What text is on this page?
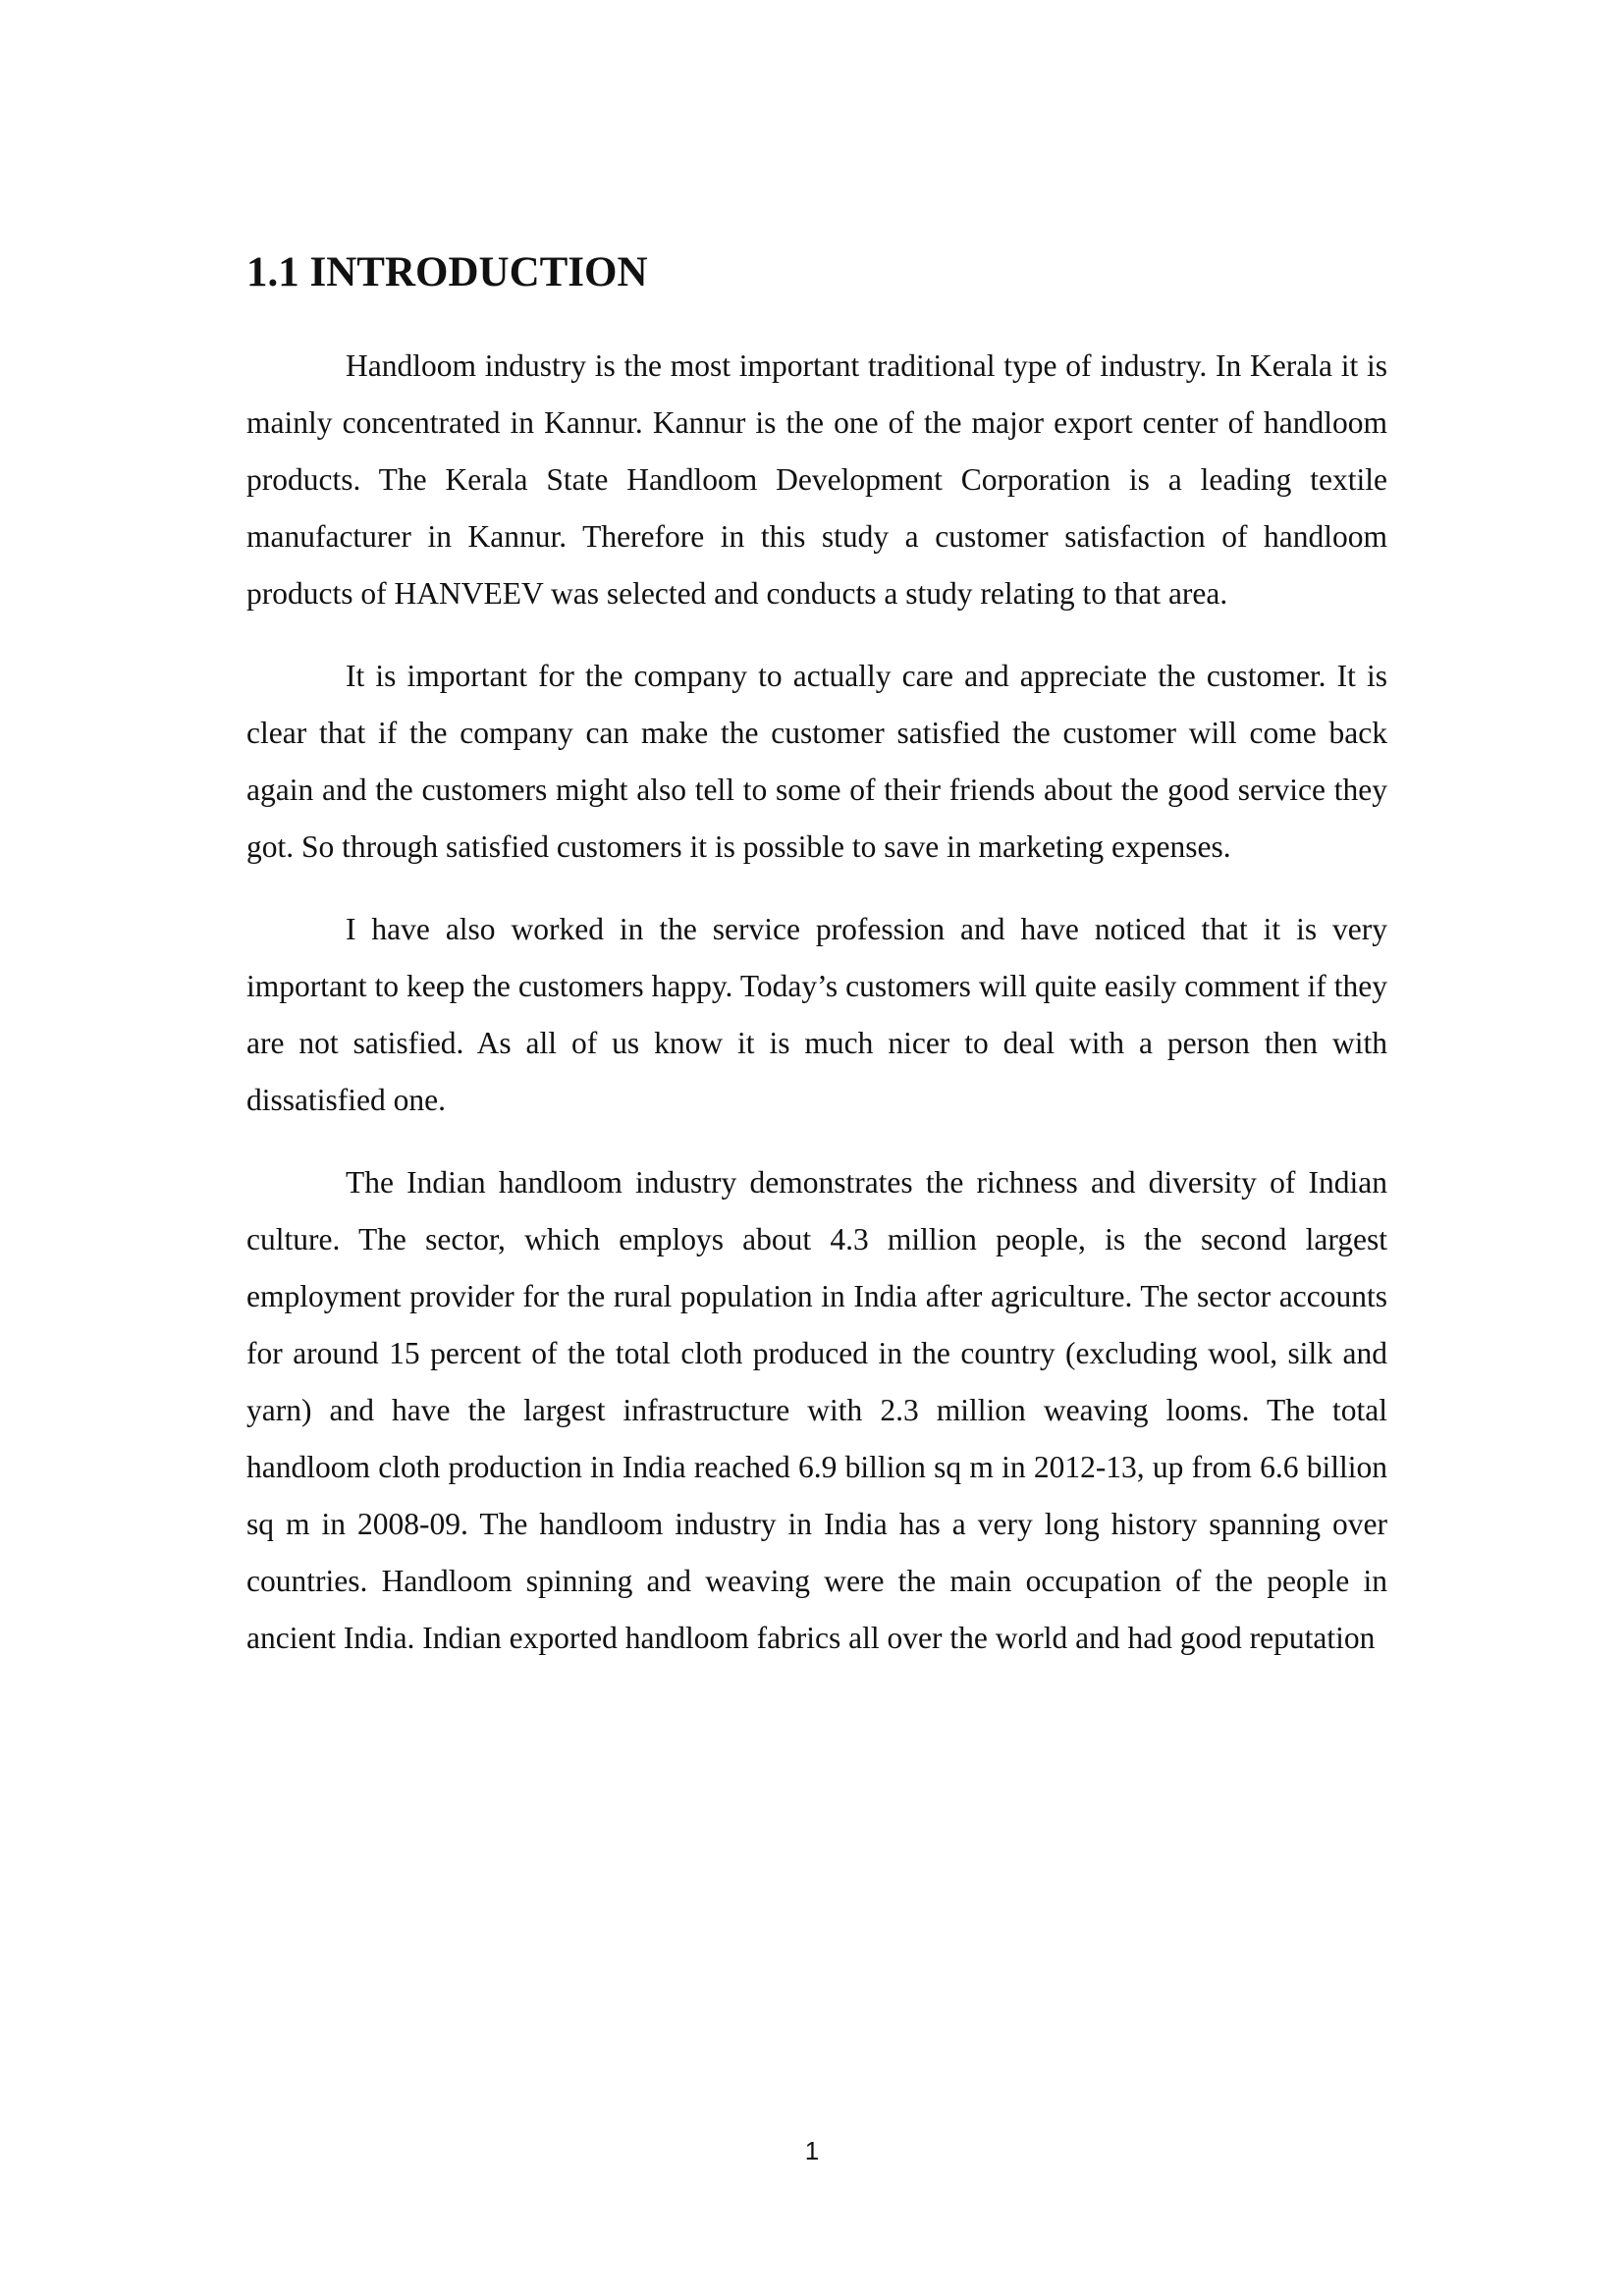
1.1 INTRODUCTION

Handloom industry is the most important traditional type of industry. In Kerala it is mainly concentrated in Kannur. Kannur is the one of the major export center of handloom products. The Kerala State Handloom Development Corporation is a leading textile manufacturer in Kannur. Therefore in this study a customer satisfaction of handloom products of HANVEEV was selected and conducts a study relating to that area.

It is important for the company to actually care and appreciate the customer. It is clear that if the company can make the customer satisfied the customer will come back again and the customers might also tell to some of their friends about the good service they got. So through satisfied customers it is possible to save in marketing expenses.

I have also worked in the service profession and have noticed that it is very important to keep the customers happy. Today’s customers will quite easily comment if they are not satisfied. As all of us know it is much nicer to deal with a person then with dissatisfied one.

The Indian handloom industry demonstrates the richness and diversity of Indian culture. The sector, which employs about 4.3 million people, is the second largest employment provider for the rural population in India after agriculture. The sector accounts for around 15 percent of the total cloth produced in the country (excluding wool, silk and yarn) and have the largest infrastructure with 2.3 million weaving looms. The total handloom cloth production in India reached 6.9 billion sq m in 2012-13, up from 6.6 billion sq m in 2008-09. The handloom industry in India has a very long history spanning over countries. Handloom spinning and weaving were the main occupation of the people in ancient India. Indian exported handloom fabrics all over the world and had good reputation

1
